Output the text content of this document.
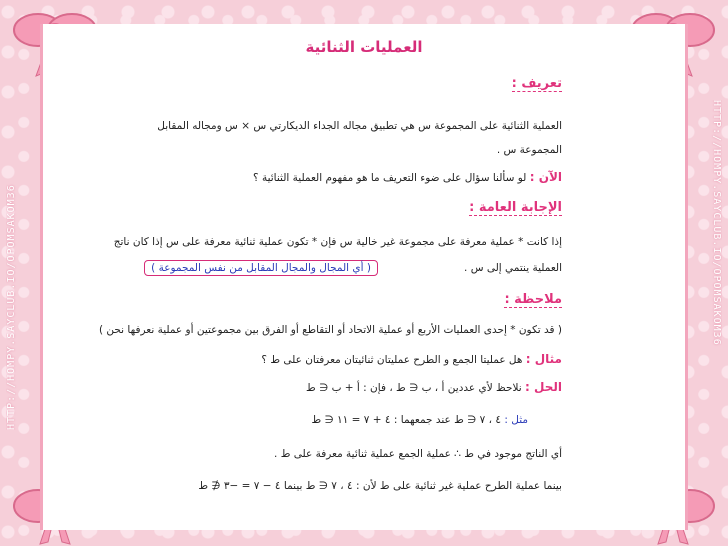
HTTP://HOMPY.SAYCLUB.IO/OPOMSAKOM36	HTTP://HOMPY.SAYCLUB.IO/OPOMSAKOM36
العمليات الثنائية
تعريف :
العملية الثنائية على المجموعة س هي تطبيق مجاله الجداء الديكارتي س × س ومجاله المقابل
المجموعة س .
الآن : لو سألنا سؤال على ضوء التعريف ما هو مفهوم العملية الثنائية ؟
الإجابة العامة :
إذا كانت * عملية معرفة على مجموعة غير خالية س فإن * تكون عملية ثنائية معرفة على س إذا كان ناتج
العملية ينتمي إلى س .
( أي المجال والمجال المقابل من نفس المجموعة )
ملاحظة :
( قد تكون * إحدى العمليات الأربع أو عملية الاتحاد أو التقاطع أو الفرق بين مجموعتين أو عملية نعرفها نحن )
مثال : هل عمليتا الجمع و الطرح عمليتان ثنائيتان معرفتان على ط ؟
الحل : نلاحظ لأي عددين أ ، ب ∈ ط ، فإن : أ + ب ∈ ط
مثل : ٤ ، ٧ ∈ ط عند جمعهما : ٤ + ٧ = ١١ ∈ ط
أي الناتج موجود في ط ∴ عملية الجمع عملية ثنائية معرفة على ط .
بينما عملية الطرح عملية غير ثنائية على ط لأن : ٤ ، ٧ ∈ ط بينما ٤ − ٧ = −٣ ∉ ط
